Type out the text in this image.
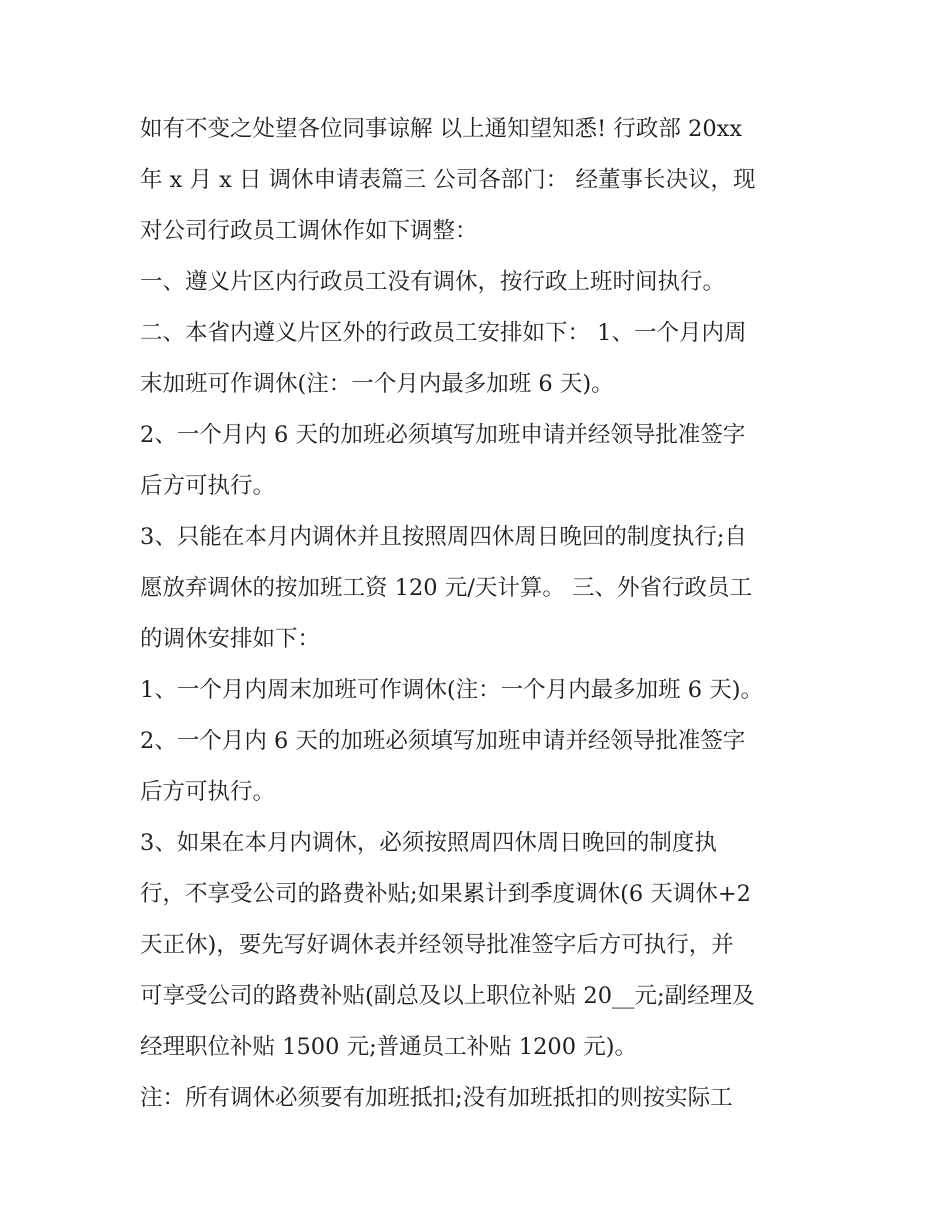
如有不变之处望各位同事谅解 以上通知望知悉! 行政部 20xx
年 x 月 x 日 调休申请表篇三 公司各部门： 经董事长决议，现
对公司行政员工调休作如下调整：
一、遵义片区内行政员工没有调休，按行政上班时间执行。
二、本省内遵义片区外的行政员工安排如下： 1、一个月内周
末加班可作调休(注：一个月内最多加班 6 天)。
2、一个月内 6 天的加班必须填写加班申请并经领导批准签字
后方可执行。
3、只能在本月内调休并且按照周四休周日晚回的制度执行;自
愿放弃调休的按加班工资 120 元/天计算。 三、外省行政员工
的调休安排如下：
1、一个月内周末加班可作调休(注：一个月内最多加班 6 天)。
2、一个月内 6 天的加班必须填写加班申请并经领导批准签字
后方可执行。
3、如果在本月内调休，必须按照周四休周日晚回的制度执
行，不享受公司的路费补贴;如果累计到季度调休(6 天调休+2
天正休)，要先写好调休表并经领导批准签字后方可执行，并
可享受公司的路费补贴(副总及以上职位补贴 20__元;副经理及
经理职位补贴 1500 元;普通员工补贴 1200 元)。
注：所有调休必须要有加班抵扣;没有加班抵扣的则按实际工
